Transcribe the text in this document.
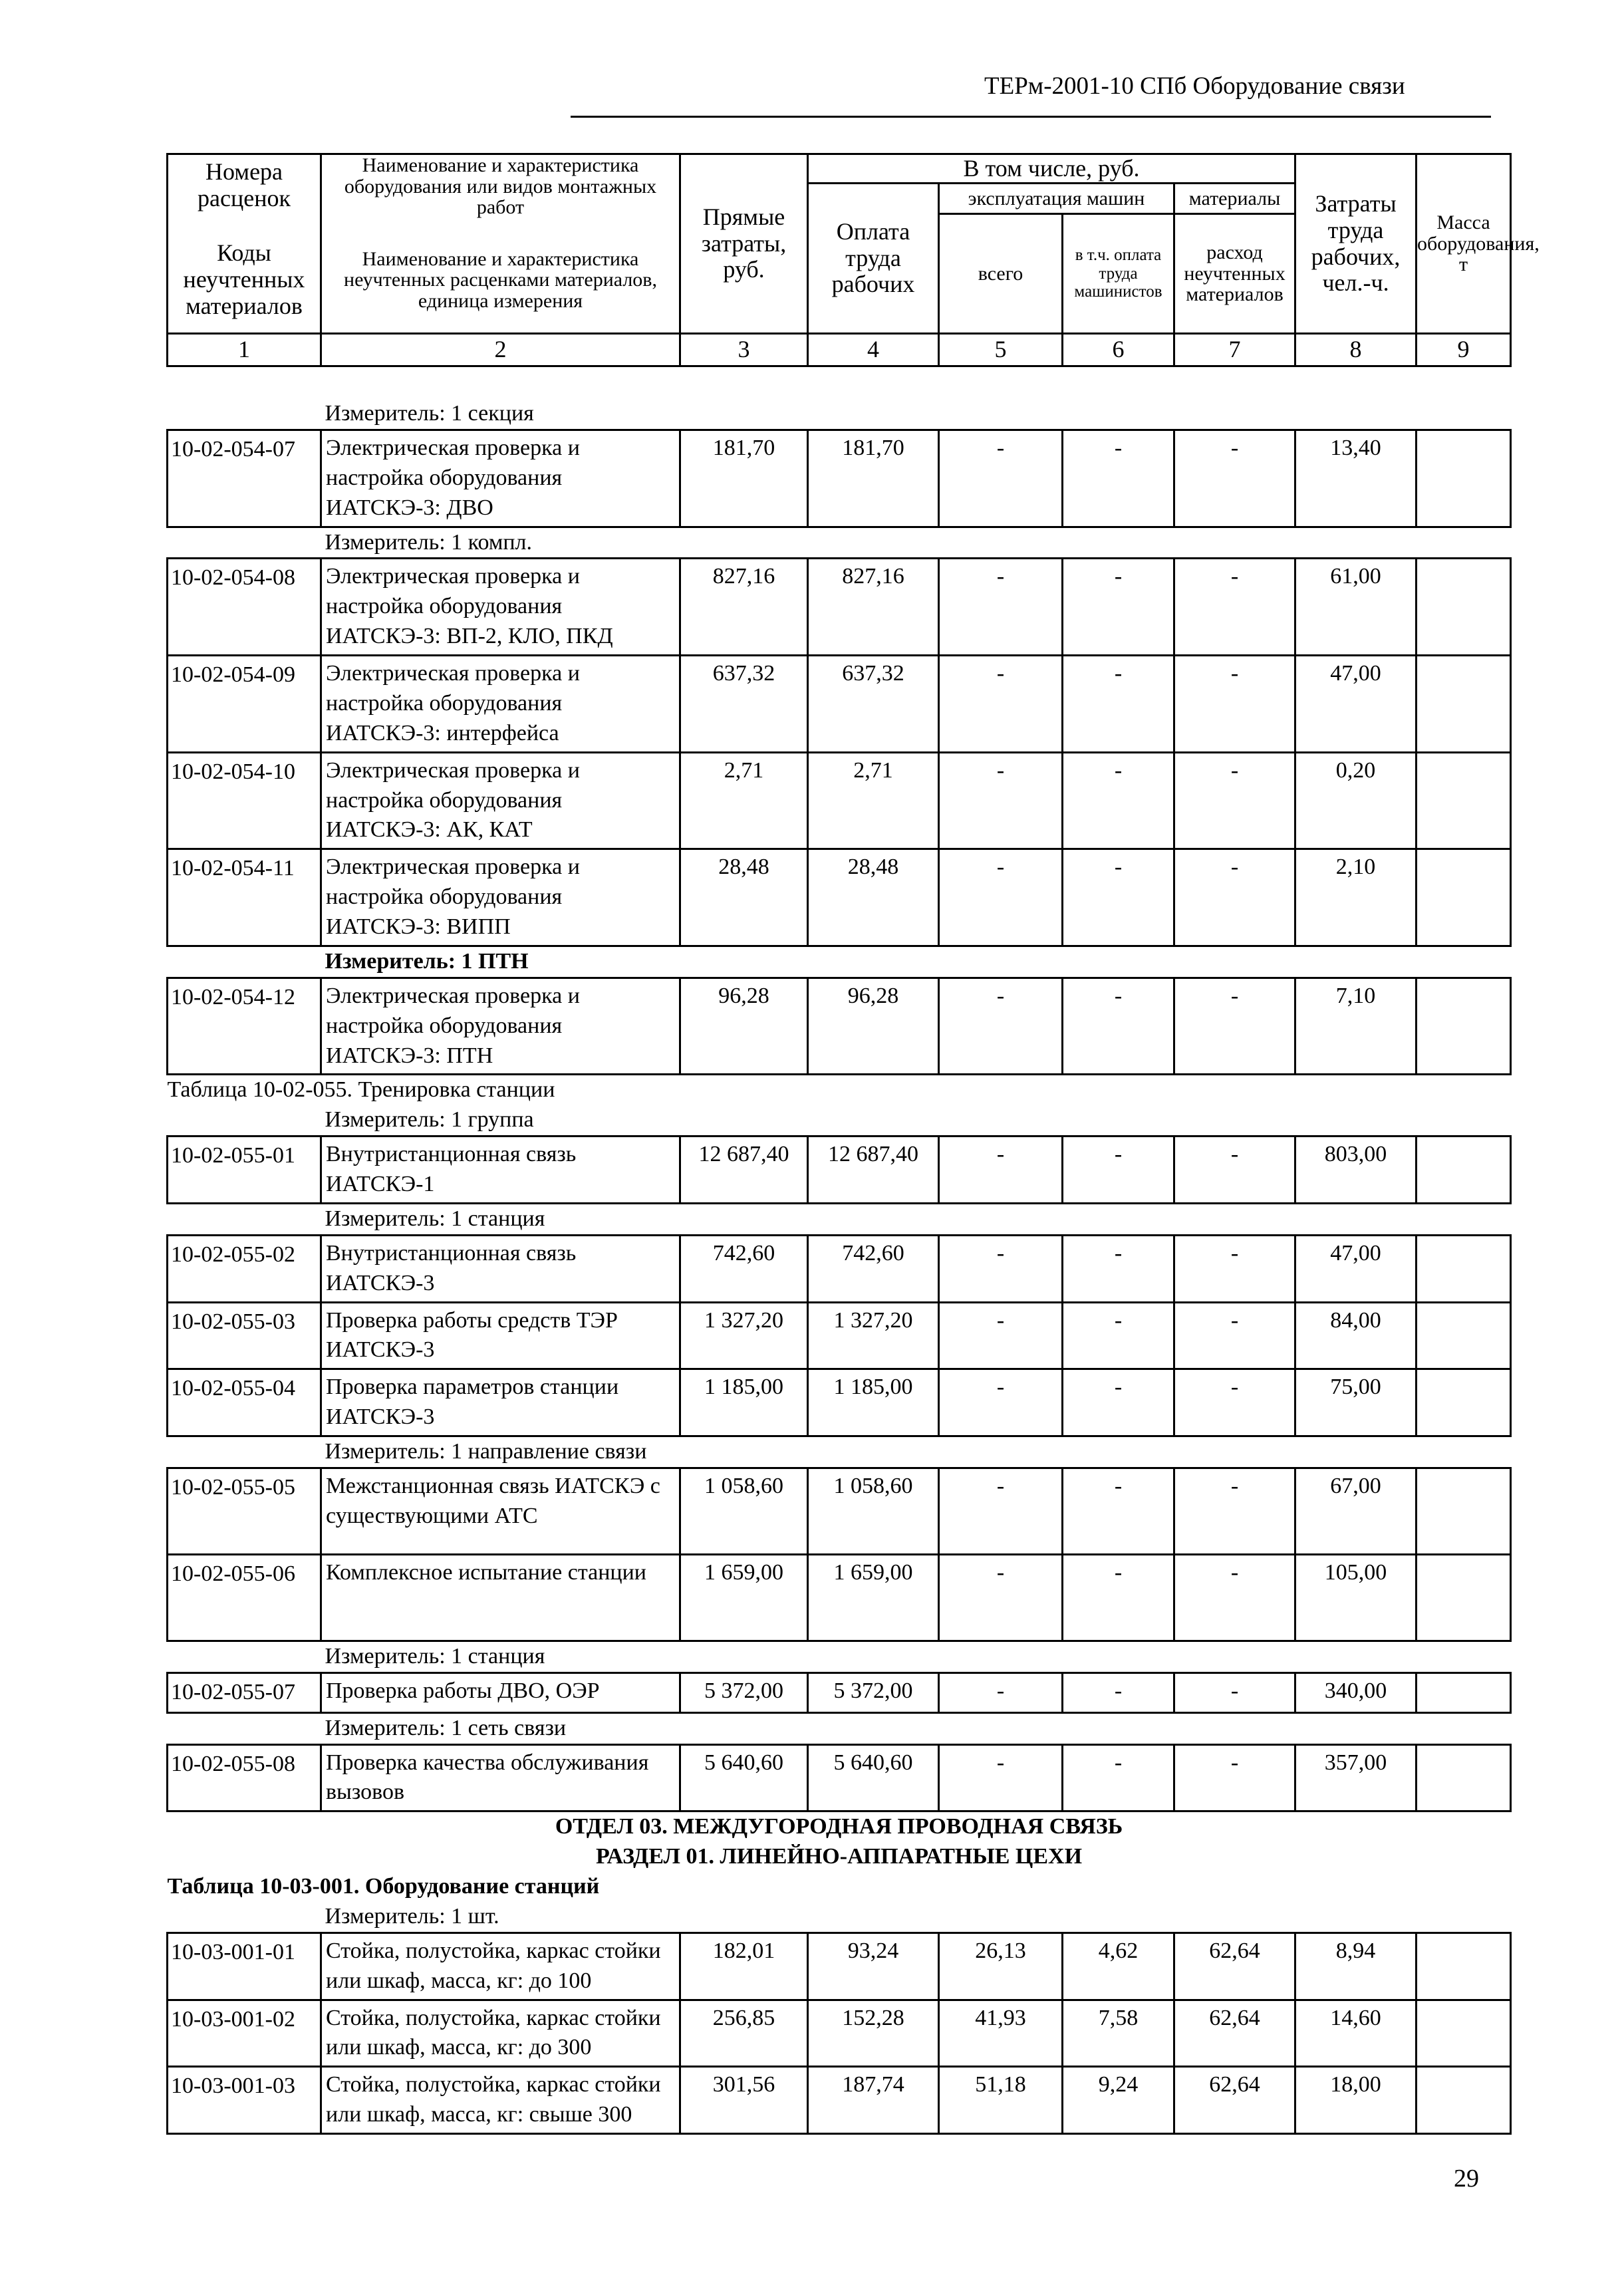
ТЕРм-2001-10 СПб Оборудование связи
Номера расценок	Наименование и характеристика оборудования или видов монтажных работ	Прямые затраты, руб.	В том числе, руб.				Затраты труда рабочих, чел.-ч.	Масса оборудования, т
			Оплата труда рабочих	эксплуатация машин		материалы		
				всего	в т.ч. оплата труда машинистов	расход неучтенных материалов		
Коды неучтенных материалов	Наименование и характеристика неучтенных расценками материалов, единица измерения							

1	2	3	4	5	6	7	8	9
	Измеритель: 1 секция							
10-02-054-07	Электрическая проверка и настройка оборудования ИАТСКЭ-3: ДВО	181,70	181,70	-	-	-	13,40	
	Измеритель: 1 компл.							
10-02-054-08	Электрическая проверка и настройка оборудования ИАТСКЭ-3: ВП-2, КЛО, ПКД	827,16	827,16	-	-	-	61,00	
10-02-054-09	Электрическая проверка и настройка оборудования ИАТСКЭ-3: интерфейса	637,32	637,32	-	-	-	47,00	
10-02-054-10	Электрическая проверка и настройка оборудования ИАТСКЭ-3: АК, КАТ	2,71	2,71	-	-	-	0,20	
10-02-054-11	Электрическая проверка и настройка оборудования ИАТСКЭ-3: ВИПП	28,48	28,48	-	-	-	2,10	
	Измеритель: 1 ПТН							
10-02-054-12	Электрическая проверка и настройка оборудования ИАТСКЭ-3: ПТН	96,28	96,28	-	-	-	7,10	
Таблица 10-02-055. Тренировка станции								
	Измеритель: 1 группа							
10-02-055-01	Внутристанционная связь ИАТСКЭ-1	12 687,40	12 687,40	-	-	-	803,00	
	Измеритель: 1 станция							
10-02-055-02	Внутристанционная связь ИАТСКЭ-3	742,60	742,60	-	-	-	47,00	
10-02-055-03	Проверка работы средств ТЭР ИАТСКЭ-3	1 327,20	1 327,20	-	-	-	84,00	
10-02-055-04	Проверка параметров станции ИАТСКЭ-3	1 185,00	1 185,00	-	-	-	75,00	
	Измеритель: 1 направление связи							
10-02-055-05	Межстанционная связь ИАТСКЭ с существующими АТС	1 058,60	1 058,60	-	-	-	67,00	
10-02-055-06	Комплексное испытание станции	1 659,00	1 659,00	-	-	-	105,00	
	Измеритель: 1 станция							
10-02-055-07	Проверка работы ДВО, ОЭР	5 372,00	5 372,00	-	-	-	340,00	
	Измеритель: 1 сеть связи							
10-02-055-08	Проверка качества обслуживания вызовов	5 640,60	5 640,60	-	-	-	357,00	
ОТДЕЛ 03. МЕЖДУГОРОДНАЯ ПРОВОДНАЯ СВЯЗЬ								
РАЗДЕЛ 01. ЛИНЕЙНО-АППАРАТНЫЕ ЦЕХИ								
Таблица 10-03-001. Оборудование станций								
	Измеритель: 1 шт.							
10-03-001-01	Стойка, полустойка, каркас стойки или шкаф, масса, кг: до 100	182,01	93,24	26,13	4,62	62,64	8,94	
10-03-001-02	Стойка, полустойка, каркас стойки или шкаф, масса, кг: до 300	256,85	152,28	41,93	7,58	62,64	14,60	
10-03-001-03	Стойка, полустойка, каркас стойки или шкаф, масса, кг: свыше 300	301,56	187,74	51,18	9,24	62,64	18,00	
29
